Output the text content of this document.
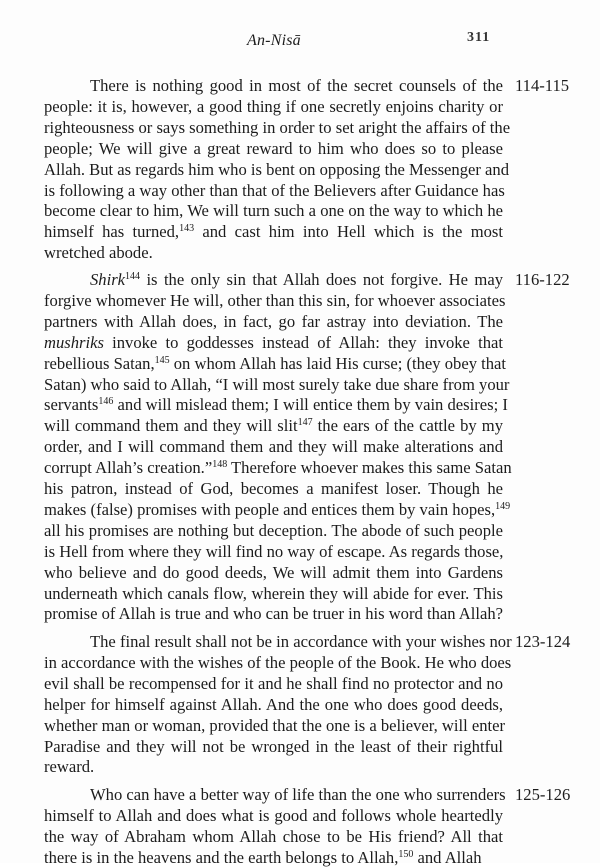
An-Nisā	311
114-115
There is nothing good in most of the secret counsels of the
people: it is, however, a good thing if one secretly enjoins charity or
righteousness or says something in order to set aright the affairs of the
people; We will give a great reward to him who does so to please
Allah. But as regards him who is bent on opposing the Messenger and
is following a way other than that of the Believers after Guidance has
become clear to him, We will turn such a one on the way to which he
himself has turned,$^{143}$ and cast him into Hell which is the most
wretched abode.
116-122
Shirk$^{144}$ is the only sin that Allah does not forgive. He may
forgive whomever He will, other than this sin, for whoever associates
partners with Allah does, in fact, go far astray into deviation. The
mushriks invoke to goddesses instead of Allah: they invoke that
rebellious Satan,$^{145}$ on whom Allah has laid His curse; (they obey that
Satan) who said to Allah, “I will most surely take due share from your
servants$^{146}$ and will mislead them; I will entice them by vain desires; I
will command them and they will slit$^{147}$ the ears of the cattle by my
order, and I will command them and they will make alterations and
corrupt Allah’s creation.”$^{148}$ Therefore whoever makes this same Satan
his patron, instead of God, becomes a manifest loser. Though he
makes (false) promises with people and entices them by vain hopes,$^{149}$
all his promises are nothing but deception. The abode of such people
is Hell from where they will find no way of escape. As regards those,
who believe and do good deeds, We will admit them into Gardens
underneath which canals flow, wherein they will abide for ever. This
promise of Allah is true and who can be truer in his word than Allah?
123-124
The final result shall not be in accordance with your wishes nor
in accordance with the wishes of the people of the Book. He who does
evil shall be recompensed for it and he shall find no protector and no
helper for himself against Allah. And the one who does good deeds,
whether man or woman, provided that the one is a believer, will enter
Paradise and they will not be wronged in the least of their rightful
reward.
125-126
Who can have a better way of life than the one who surrenders
himself to Allah and does what is good and follows whole heartedly
the way of Abraham whom Allah chose to be His friend? All that
there is in the heavens and the earth belongs to Allah,$^{150}$ and Allah
